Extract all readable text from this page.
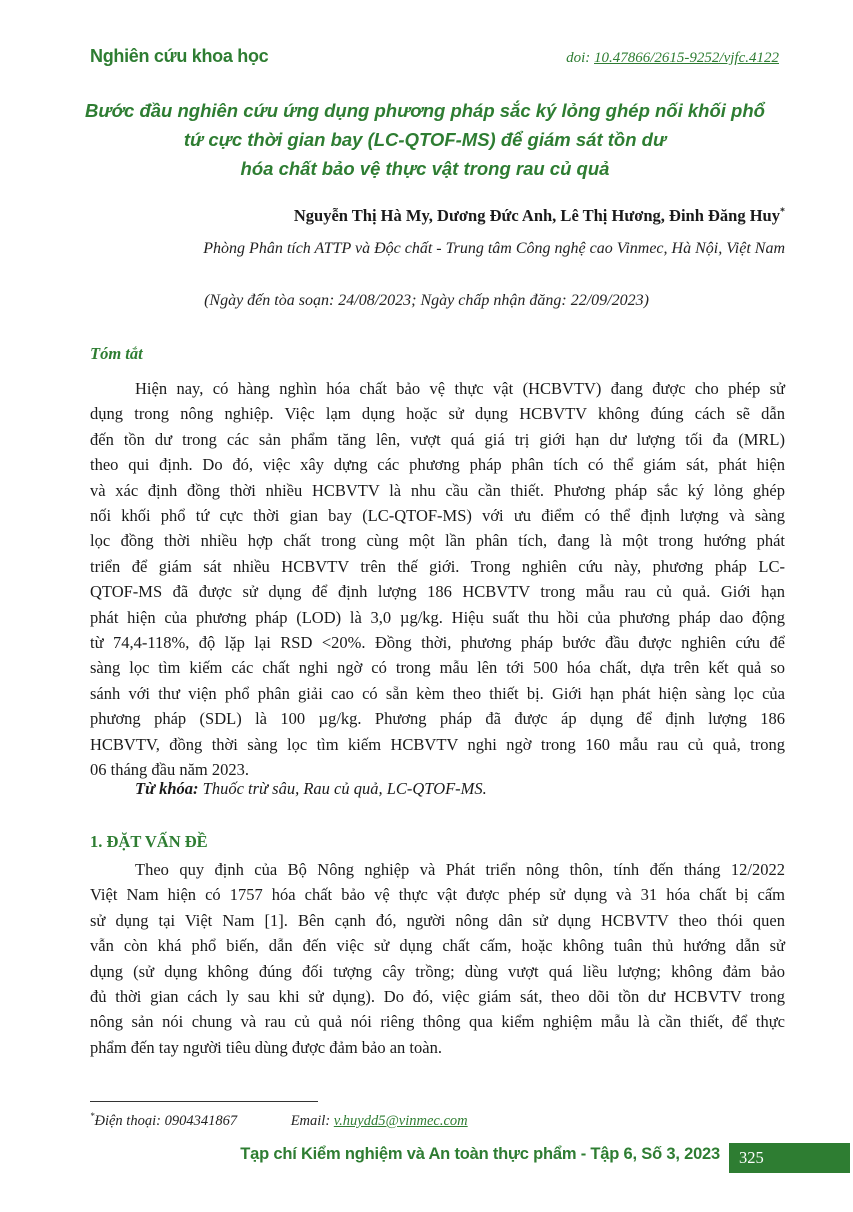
Nghiên cứu khoa học	doi: 10.47866/2615-9252/vjfc.4122
Bước đầu nghiên cứu ứng dụng phương pháp sắc ký lỏng ghép nối khối phổ
tứ cực thời gian bay (LC-QTOF-MS) để giám sát tồn dư
hóa chất bảo vệ thực vật trong rau củ quả
Nguyễn Thị Hà My, Dương Đức Anh, Lê Thị Hương, Đinh Đăng Huy*
Phòng Phân tích ATTP và Độc chất - Trung tâm Công nghệ cao Vinmec, Hà Nội, Việt Nam
(Ngày đến tòa soạn: 24/08/2023; Ngày chấp nhận đăng: 22/09/2023)
Tóm tắt
Hiện nay, có hàng nghìn hóa chất bảo vệ thực vật (HCBVTV) đang được cho phép sử
dụng trong nông nghiệp. Việc lạm dụng hoặc sử dụng HCBVTV không đúng cách sẽ dẫn
đến tồn dư trong các sản phẩm tăng lên, vượt quá giá trị giới hạn dư lượng tối đa (MRL)
theo qui định. Do đó, việc xây dựng các phương pháp phân tích có thể giám sát, phát hiện
và xác định đồng thời nhiều HCBVTV là nhu cầu cần thiết. Phương pháp sắc ký lỏng ghép
nối khối phổ tứ cực thời gian bay (LC-QTOF-MS) với ưu điểm có thể định lượng và sàng
lọc đồng thời nhiều hợp chất trong cùng một lần phân tích, đang là một trong hướng phát
triển để giám sát nhiều HCBVTV trên thế giới. Trong nghiên cứu này, phương pháp LC-
QTOF-MS đã được sử dụng để định lượng 186 HCBVTV trong mẫu rau củ quả. Giới hạn
phát hiện của phương pháp (LOD) là 3,0 µg/kg. Hiệu suất thu hồi của phương pháp dao động
từ 74,4-118%, độ lặp lại RSD <20%. Đồng thời, phương pháp bước đầu được nghiên cứu để
sàng lọc tìm kiếm các chất nghi ngờ có trong mẫu lên tới 500 hóa chất, dựa trên kết quả so
sánh với thư viện phổ phân giải cao có sẵn kèm theo thiết bị. Giới hạn phát hiện sàng lọc của
phương pháp (SDL) là 100 µg/kg. Phương pháp đã được áp dụng để định lượng 186
HCBVTV, đồng thời sàng lọc tìm kiếm HCBVTV nghi ngờ trong 160 mẫu rau củ quả, trong
06 tháng đầu năm 2023.
Từ khóa: Thuốc trừ sâu, Rau củ quả, LC-QTOF-MS.
1. ĐẶT VẤN ĐỀ
Theo quy định của Bộ Nông nghiệp và Phát triển nông thôn, tính đến tháng 12/2022
Việt Nam hiện có 1757 hóa chất bảo vệ thực vật được phép sử dụng và 31 hóa chất bị cấm
sử dụng tại Việt Nam [1]. Bên cạnh đó, người nông dân sử dụng HCBVTV theo thói quen
vẫn còn khá phổ biến, dẫn đến việc sử dụng chất cấm, hoặc không tuân thủ hướng dẫn sử
dụng (sử dụng không đúng đối tượng cây trồng; dùng vượt quá liều lượng; không đảm bảo
đủ thời gian cách ly sau khi sử dụng). Do đó, việc giám sát, theo dõi tồn dư HCBVTV trong
nông sản nói chung và rau củ quả nói riêng thông qua kiểm nghiệm mẫu là cần thiết, để thực
phẩm đến tay người tiêu dùng được đảm bảo an toàn.
*Điện thoại: 0904341867	Email: v.huydd5@vinmec.com
Tạp chí Kiểm nghiệm và An toàn thực phẩm - Tập 6, Số 3, 2023	325
